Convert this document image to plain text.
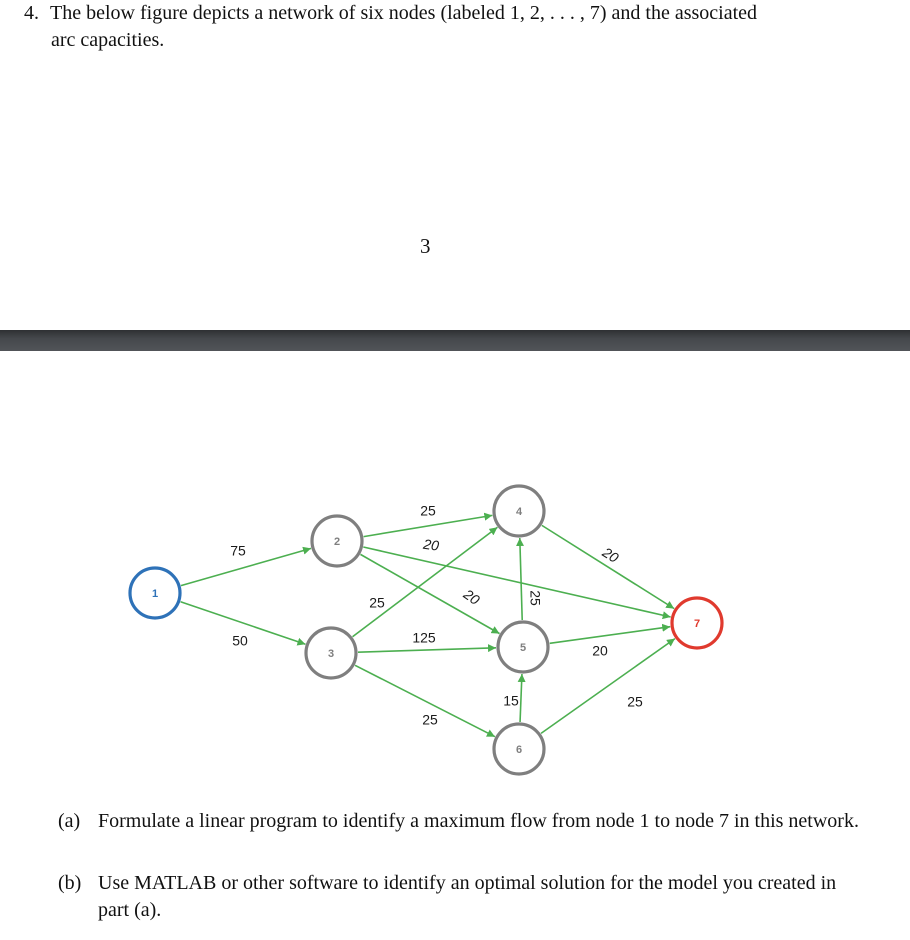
4. The below figure depicts a network of six nodes (labeled 1, 2, . . . , 7) and the associated
arc capacities.
3
75
50
25
20
20
25
125
25
25
20
20
15	25
1
2
3
4
5
6
7
(a) Formulate a linear program to identify a maximum flow from node 1 to node 7 in this network.
(b) Use MATLAB or other software to identify an optimal solution for the model you created in part (a).
